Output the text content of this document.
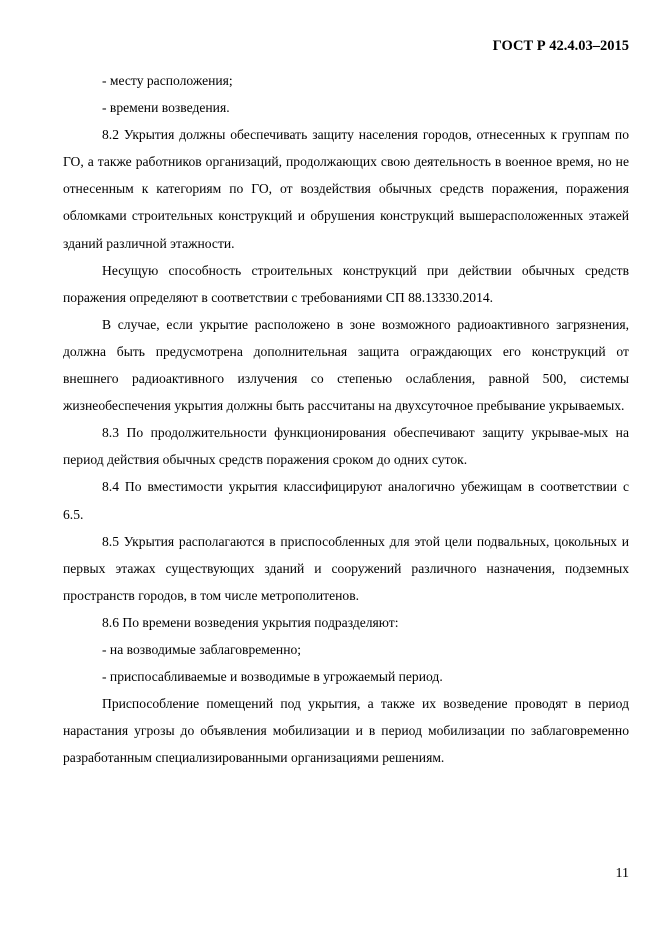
ГОСТ Р 42.4.03–2015

- месту расположения;

- времени возведения.

8.2 Укрытия должны обеспечивать защиту населения городов, отнесенных к группам по ГО, а также работников организаций, продолжающих свою деятельность в военное время, но не отнесенным к категориям по ГО, от воздействия обычных средств поражения, поражения обломками строительных конструкций и обрушения конструкций вышерасположенных этажей зданий различной этажности.

Несущую способность строительных конструкций при действии обычных средств поражения определяют в соответствии с требованиями СП 88.13330.2014.

В случае, если укрытие расположено в зоне возможного радиоактивного загрязнения, должна быть предусмотрена дополнительная защита ограждающих его конструкций от внешнего радиоактивного излучения со степенью ослабления, равной 500, системы жизнеобеспечения укрытия должны быть рассчитаны на двухсуточное пребывание укрываемых.

8.3 По продолжительности функционирования обеспечивают защиту укрывае-мых на период действия обычных средств поражения сроком до одних суток.

8.4 По вместимости укрытия классифицируют аналогично убежищам в соответствии с 6.5.

8.5 Укрытия располагаются в приспособленных для этой цели подвальных, цокольных и первых этажах существующих зданий и сооружений различного назначения, подземных пространств городов, в том числе метрополитенов.

8.6 По времени возведения укрытия подразделяют:

- на возводимые заблаговременно;

- приспосабливаемые и возводимые в угрожаемый период.

Приспособление помещений под укрытия, а также их возведение проводят в период нарастания угрозы до объявления мобилизации и в период мобилизации по заблаговременно разработанным специализированными организациями решениям.

11
